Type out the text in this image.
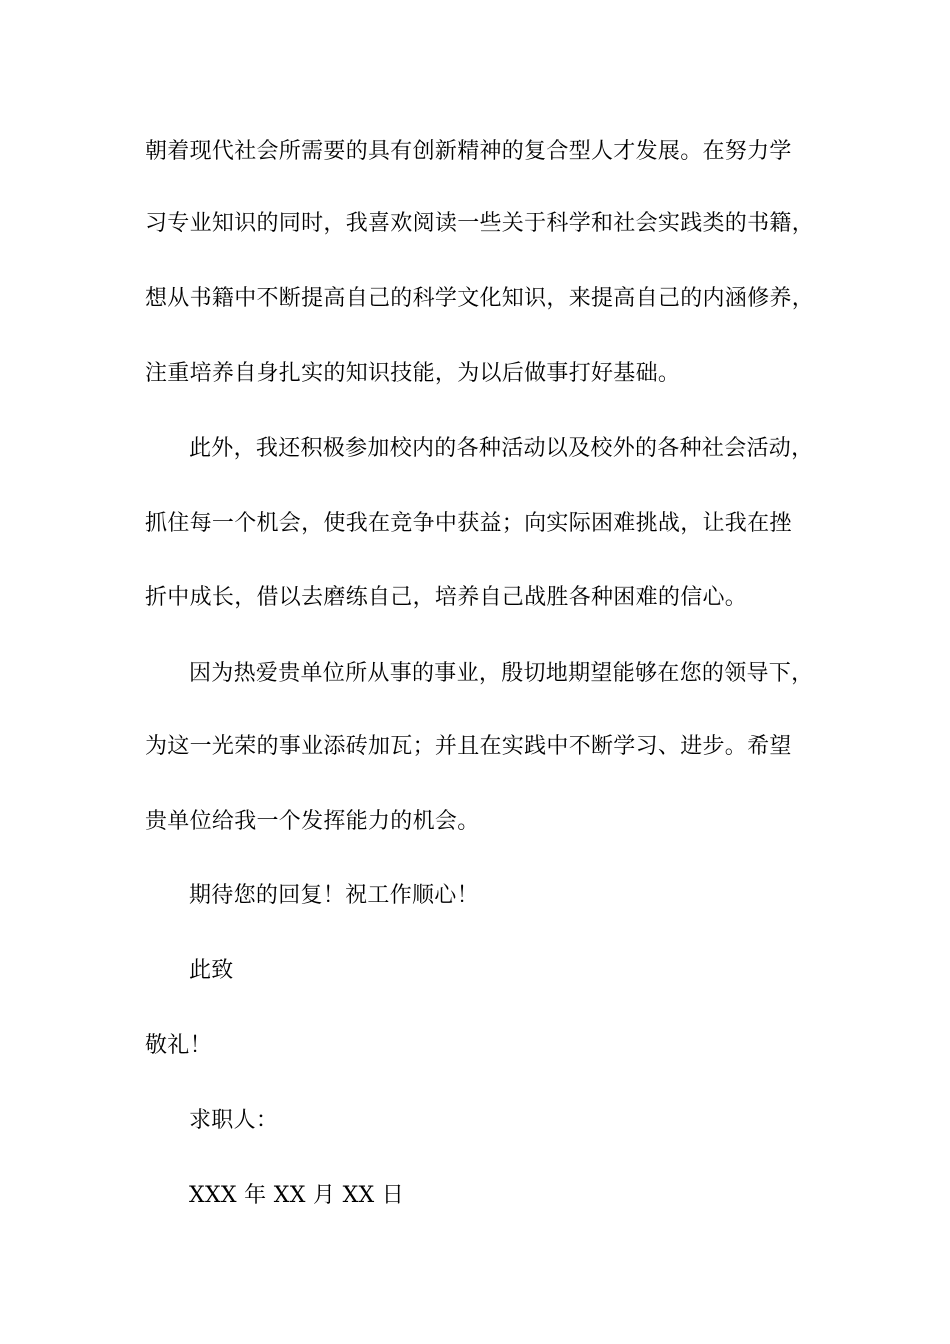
朝着现代社会所需要的具有创新精神的复合型人才发展。在努力学
习专业知识的同时，我喜欢阅读一些关于科学和社会实践类的书籍，
想从书籍中不断提高自己的科学文化知识，来提高自己的内涵修养，
注重培养自身扎实的知识技能，为以后做事打好基础。
此外，我还积极参加校内的各种活动以及校外的各种社会活动，
抓住每一个机会，使我在竞争中获益；向实际困难挑战，让我在挫
折中成长，借以去磨练自己，培养自己战胜各种困难的信心。
因为热爱贵单位所从事的事业，殷切地期望能够在您的领导下，
为这一光荣的事业添砖加瓦；并且在实践中不断学习、进步。希望
贵单位给我一个发挥能力的机会。
期待您的回复！祝工作顺心！
此致
敬礼！
求职人：
XXX 年 XX 月 XX 日
